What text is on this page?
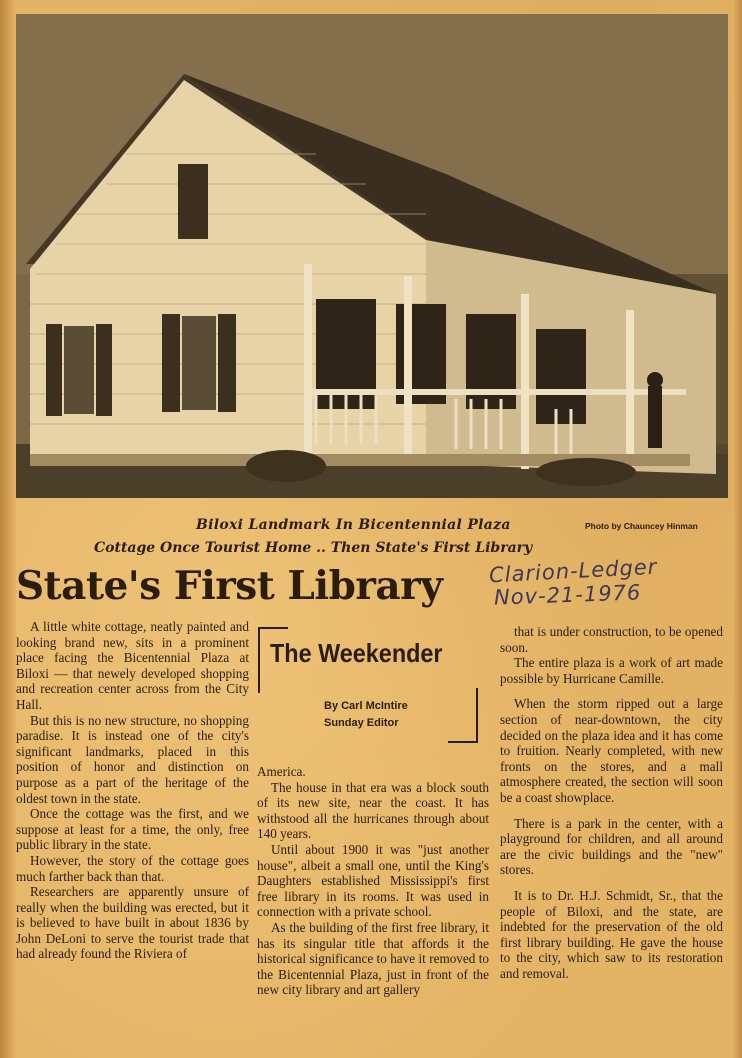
Biloxi Landmark In Bicentennial Plaza	Photo by Chauncey Hinman
Cottage Once Tourist Home .. Then State's First Library
State's First Library Clarion-Ledger
Nov-21-1976
The Weekender
By Carl McIntire
Sunday Editor

A little white cottage, neatly painted and looking brand new, sits in a prominent place facing the Bicentennial Plaza at Biloxi — that newely developed shopping and recreation center across from the City Hall.

But this is no new structure, no shopping paradise. It is instead one of the city's significant landmarks, placed in this position of honor and distinction on purpose as a part of the heritage of the oldest town in the state.

Once the cottage was the first, and we suppose at least for a time, the only, free public library in the state.

However, the story of the cottage goes much farther back than that.

Researchers are apparently unsure of really when the building was erected, but it is believed to have built in about 1836 by John DeLoni to serve the tourist trade that had already found the Riviera of

America.

The house in that era was a block south of its new site, near the coast. It has withstood all the hurricanes through about 140 years.

Until about 1900 it was "just another house", albeit a small one, until the King's Daughters established Mississippi's first free library in its rooms. It was used in connection with a private school.

As the building of the first free library, it has its singular title that affords it the historical significance to have it removed to the Bicentennial Plaza, just in front of the new city library and art gallery

that is under construction, to be opened soon.

The entire plaza is a work of art made possible by Hurricane Camille.

When the storm ripped out a large section of near-downtown, the city decided on the plaza idea and it has come to fruition. Nearly completed, with new fronts on the stores, and a mall atmosphere created, the section will soon be a coast showplace.

There is a park in the center, with a playground for children, and all around are the civic buildings and the "new" stores.

It is to Dr. H.J. Schmidt, Sr., that the people of Biloxi, and the state, are indebted for the preservation of the old first library building. He gave the house to the city, which saw to its restoration and removal.
